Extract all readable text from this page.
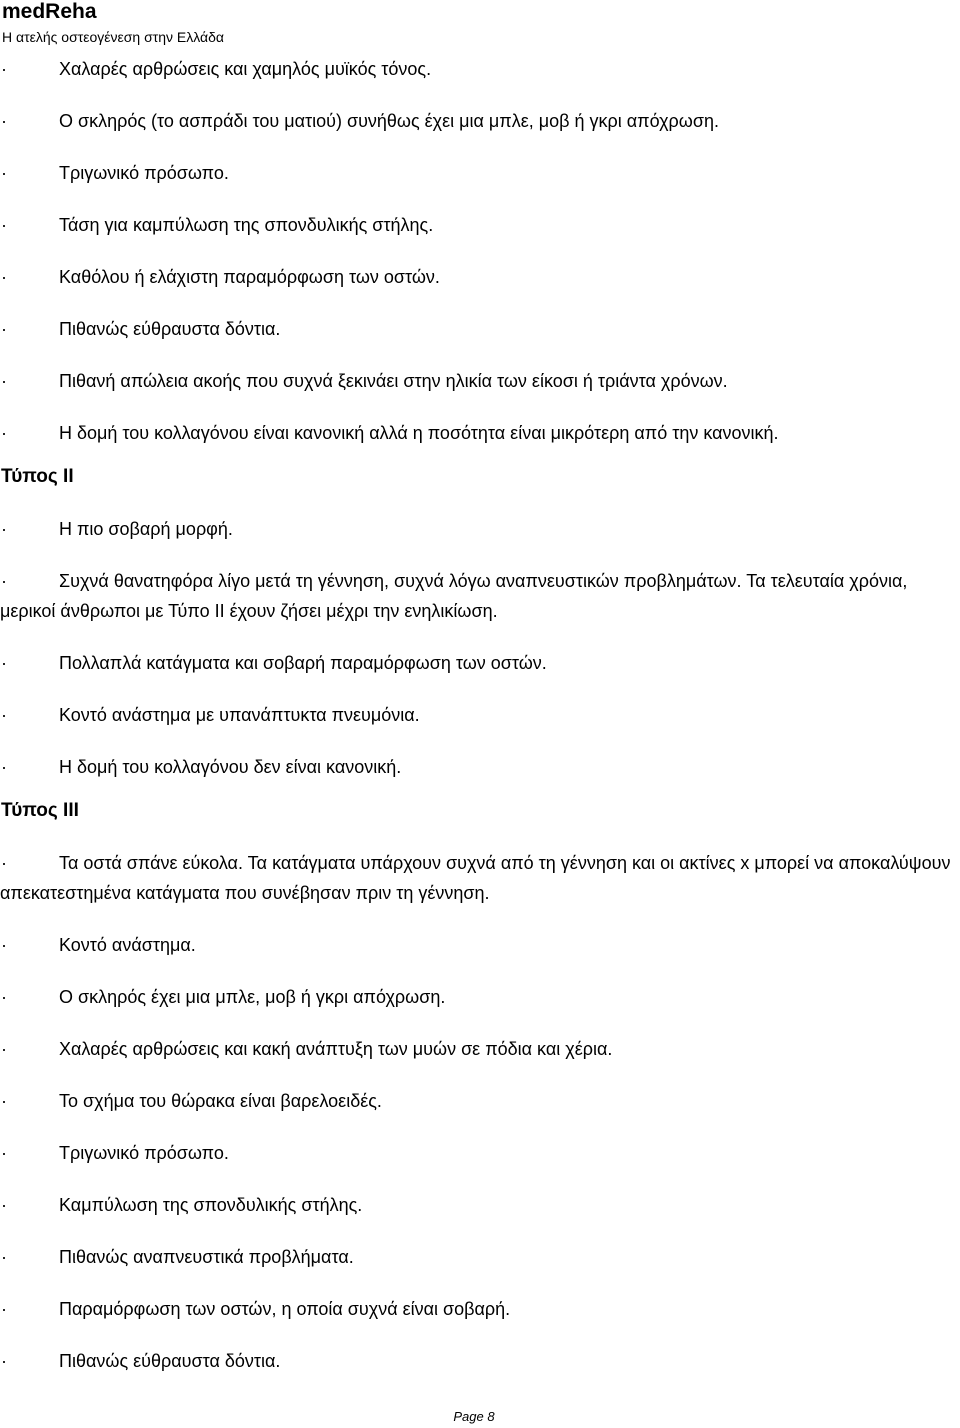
medReha
Η ατελής οστεογένεση στην Ελλάδα
·	Χαλαρές αρθρώσεις και χαμηλός μυϊκός τόνος.
·	Ο σκληρός (το ασπράδι του ματιού) συνήθως έχει μια μπλε, μοβ ή γκρι απόχρωση.
·	Τριγωνικό πρόσωπο.
·	Τάση για καμπύλωση της σπονδυλικής στήλης.
·	Καθόλου ή ελάχιστη παραμόρφωση των οστών.
·	Πιθανώς εύθραυστα δόντια.
·	Πιθανή απώλεια ακοής που συχνά ξεκινάει στην ηλικία των είκοσι ή τριάντα χρόνων.
·	Η δομή του κολλαγόνου είναι κανονική αλλά η ποσότητα είναι μικρότερη από την κανονική.
Τύπος ΙΙ
·	Η πιο σοβαρή μορφή.
·	Συχνά θανατηφόρα λίγο μετά τη γέννηση, συχνά λόγω αναπνευστικών προβλημάτων. Τα τελευταία χρόνια, μερικοί άνθρωποι με Τύπο ΙΙ έχουν ζήσει μέχρι την ενηλικίωση.
·	Πολλαπλά κατάγματα και σοβαρή παραμόρφωση των οστών.
·	Κοντό ανάστημα με υπανάπτυκτα πνευμόνια.
·	Η δομή του κολλαγόνου δεν είναι κανονική.
Τύπος ΙΙΙ
·	Τα οστά σπάνε εύκολα. Τα κατάγματα υπάρχουν συχνά από τη γέννηση και οι ακτίνες x μπορεί να αποκαλύψουν απεκατεστημένα κατάγματα που συνέβησαν πριν τη γέννηση.
·	Κοντό ανάστημα.
·	Ο σκληρός έχει μια μπλε, μοβ ή γκρι απόχρωση.
·	Χαλαρές αρθρώσεις και κακή ανάπτυξη των μυών σε πόδια και χέρια.
·	Το σχήμα του θώρακα είναι βαρελοειδές.
·	Τριγωνικό πρόσωπο.
·	Καμπύλωση της σπονδυλικής στήλης.
·	Πιθανώς αναπνευστικά προβλήματα.
·	Παραμόρφωση των οστών, η οποία συχνά είναι σοβαρή.
·	Πιθανώς εύθραυστα δόντια.
Page 8
